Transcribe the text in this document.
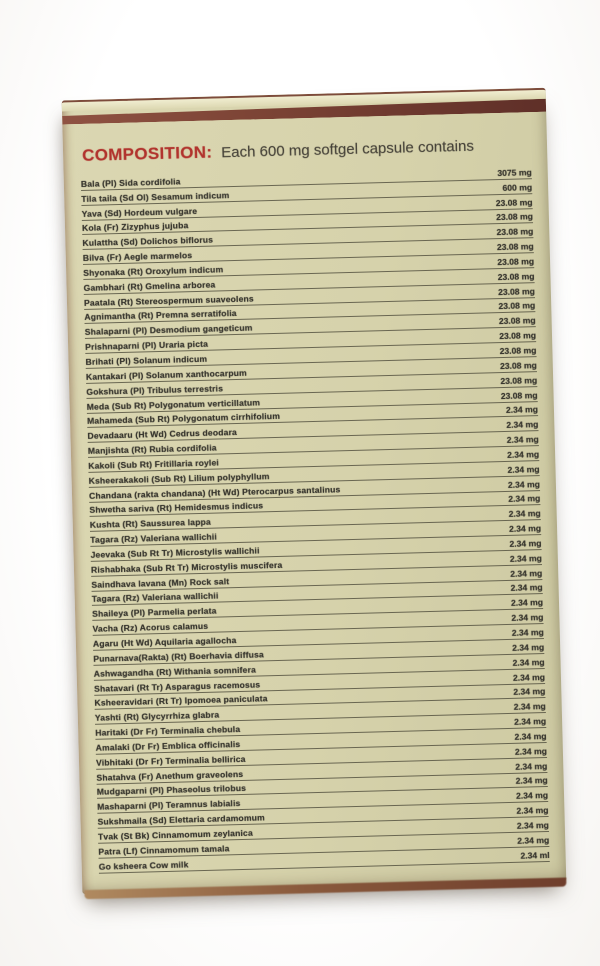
COMPOSITION: Each 600 mg softgel capsule contains
Bala (Pl) Sida cordifolia
3075 mg
Tila taila (Sd Ol) Sesamum indicum
600 mg
Yava (Sd) Hordeum vulgare
23.08 mg
Kola (Fr) Zizyphus jujuba
23.08 mg
Kulattha (Sd) Dolichos biflorus
23.08 mg
Bilva (Fr) Aegle marmelos
23.08 mg
Shyonaka (Rt) Oroxylum indicum
23.08 mg
Gambhari (Rt) Gmelina arborea
23.08 mg
Paatala (Rt) Stereospermum suaveolens
23.08 mg
Agnimantha (Rt) Premna serratifolia
23.08 mg
Shalaparni (Pl) Desmodium gangeticum
23.08 mg
Prishnaparni (Pl) Uraria picta
23.08 mg
Brihati (Pl) Solanum indicum
23.08 mg
Kantakari (Pl) Solanum xanthocarpum
23.08 mg
Gokshura (Pl) Tribulus terrestris
23.08 mg
Meda (Sub Rt) Polygonatum verticillatum
23.08 mg
Mahameda (Sub Rt) Polygonatum cirrhifolium
2.34 mg
Devadaaru (Ht Wd) Cedrus deodara
2.34 mg
Manjishta (Rt) Rubia cordifolia
2.34 mg
Kakoli (Sub Rt) Fritillaria roylei
2.34 mg
Ksheerakakoli (Sub Rt) Lilium polyphyllum
2.34 mg
Chandana (rakta chandana) (Ht Wd) Pterocarpus santalinus	2.34 mg
Shwetha sariva (Rt) Hemidesmus indicus
2.34 mg
Kushta (Rt) Saussurea lappa
2.34 mg
Tagara (Rz) Valeriana wallichii
2.34 mg
Jeevaka (Sub Rt Tr) Microstylis wallichii
2.34 mg
Rishabhaka (Sub Rt Tr) Microstylis muscifera
2.34 mg
Saindhava lavana (Mn) Rock salt
2.34 mg
Tagara (Rz) Valeriana wallichii
2.34 mg
Shaileya (Pl) Parmelia perlata
2.34 mg
Vacha (Rz) Acorus calamus
2.34 mg
Agaru (Ht Wd) Aquilaria agallocha
2.34 mg
Punarnava(Rakta) (Rt) Boerhavia diffusa
2.34 mg
Ashwagandha (Rt) Withania somnifera
2.34 mg
Shatavari (Rt Tr) Asparagus racemosus
2.34 mg
Ksheeravidari (Rt Tr) Ipomoea paniculata
2.34 mg
Yashti (Rt) Glycyrrhiza glabra
2.34 mg
Haritaki (Dr Fr) Terminalia chebula
2.34 mg
Amalaki (Dr Fr) Emblica officinalis
2.34 mg
Vibhitaki (Dr Fr) Terminalia bellirica
2.34 mg
Shatahva (Fr) Anethum graveolens
2.34 mg
Mudgaparni (Pl) Phaseolus trilobus
2.34 mg
Mashaparni (Pl) Teramnus labialis
2.34 mg
Sukshmaila (Sd) Elettaria cardamomum
2.34 mg
Tvak (St Bk) Cinnamomum zeylanica
2.34 mg
Patra (Lf) Cinnamomum tamala
2.34 mg
Go ksheera Cow milk
2.34 ml
